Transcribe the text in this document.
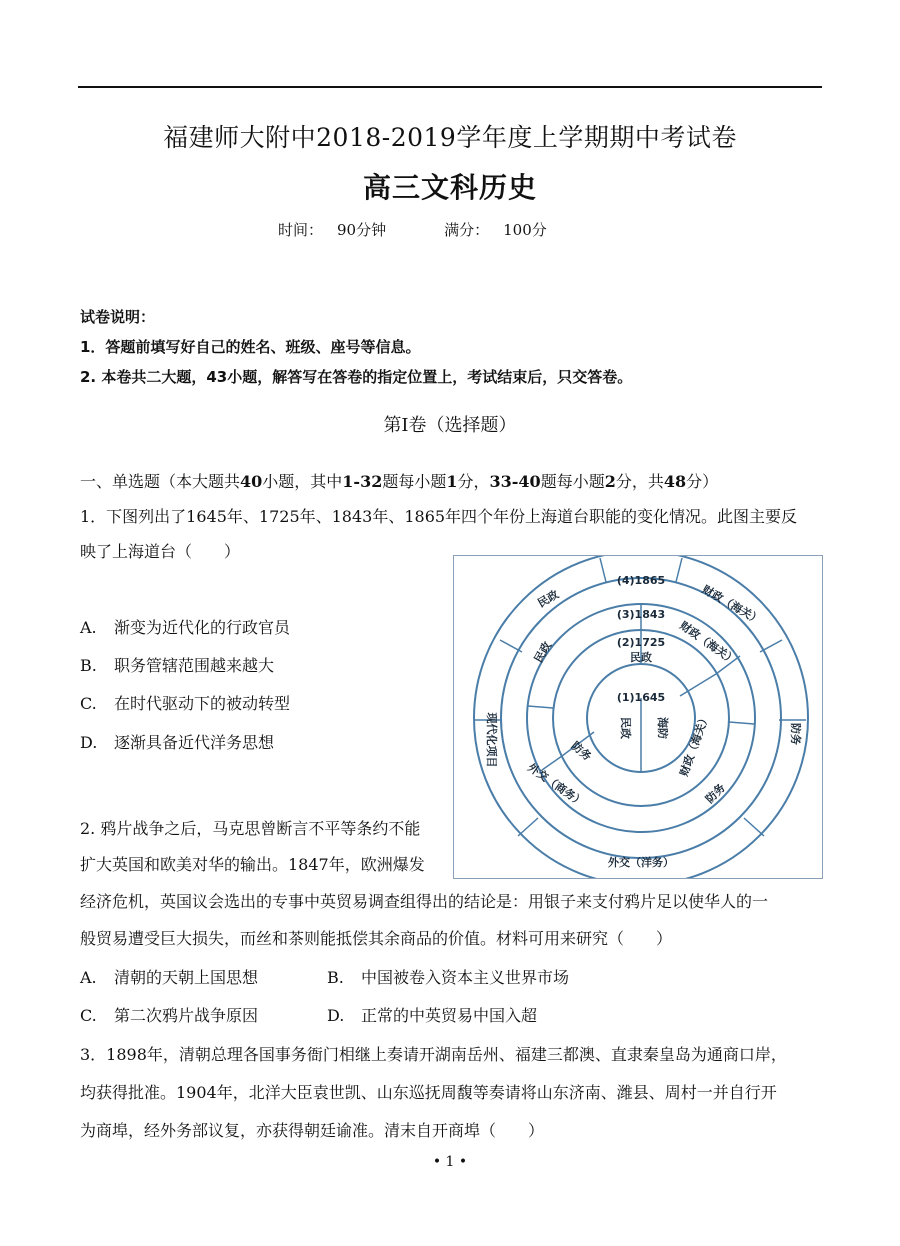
福建师大附中2018-2019学年度上学期期中考试卷
高三文科历史
时间： 90分钟	满分： 100分
试卷说明：
1．答题前填写好自己的姓名、班级、座号等信息。
2. 本卷共二大题，43小题，解答写在答卷的指定位置上，考试结束后，只交答卷。
第Ⅰ卷（选择题）
一、单选题（本大题共40小题，其中1-32题每小题1分，33-40题每小题2分，共48分）
1．下图列出了1645年、1725年、1843年、1865年四个年份上海道台职能的变化情况。此图主要反
映了上海道台（　　）
A. 渐变为近代化的行政官员
B. 职务管辖范围越来越大
C. 在时代驱动下的被动转型
D. 逐渐具备近代洋务思想
(1)1645
民政 海防
(2)1725
民政
财政（海关）
防务
(3)1843
民政	财政（海关）
防务
外交（商务）
(4)1865
民政	财政（海关）
防务
现代化项目
外交（洋务）
2. 鸦片战争之后，马克思曾断言不平等条约不能
扩大英国和欧美对华的输出。1847年，欧洲爆发
经济危机，英国议会选出的专事中英贸易调查组得出的结论是：用银子来支付鸦片足以使华人的一
般贸易遭受巨大损失，而丝和茶则能抵偿其余商品的价值。材料可用来研究（　　）
A. 清朝的天朝上国思想	B. 中国被卷入资本主义世界市场
C. 第二次鸦片战争原因	D. 正常的中英贸易中国入超
3．1898年，清朝总理各国事务衙门相继上奏请开湖南岳州、福建三都澳、直隶秦皇岛为通商口岸，
均获得批准。1904年，北洋大臣袁世凯、山东巡抚周馥等奏请将山东济南、潍县、周村一并自行开
为商埠，经外务部议复，亦获得朝廷谕准。清末自开商埠（　　）
• 1 •
